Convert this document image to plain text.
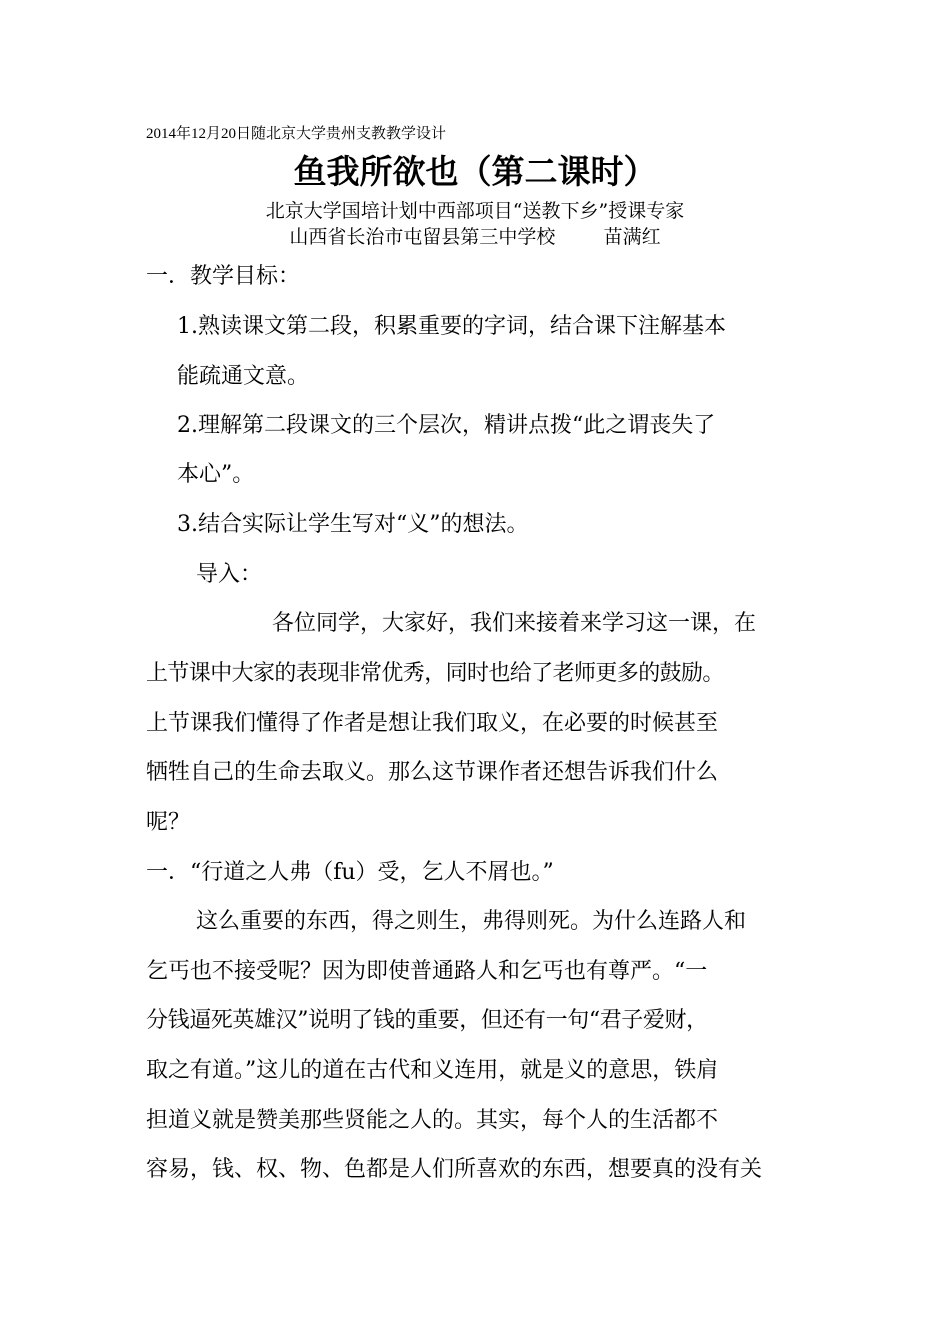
2014年12月20日随北京大学贵州支教教学设计
鱼我所欲也（第二课时）
北京大学国培计划中西部项目“送教下乡”授课专家
山西省长治市屯留县第三中学校        苗满红
一．教学目标：
1.熟读课文第二段，积累重要的字词，结合课下注解基本
能疏通文意。
2.理解第二段课文的三个层次，精讲点拨“此之谓丧失了
本心”。
3.结合实际让学生写对“义”的想法。
导入：
各位同学，大家好，我们来接着来学习这一课，在
上节课中大家的表现非常优秀，同时也给了老师更多的鼓励。
上节课我们懂得了作者是想让我们取义，在必要的时候甚至
牺牲自己的生命去取义。那么这节课作者还想告诉我们什么
呢？
一．“行道之人弗（fu）受，乞人不屑也。”
这么重要的东西，得之则生，弗得则死。为什么连路人和
乞丐也不接受呢？因为即使普通路人和乞丐也有尊严。“一
分钱逼死英雄汉”说明了钱的重要，但还有一句“君子爱财，
取之有道。”这儿的道在古代和义连用，就是义的意思，铁肩
担道义就是赞美那些贤能之人的。其实，每个人的生活都不
容易，钱、权、物、色都是人们所喜欢的东西，想要真的没有关
